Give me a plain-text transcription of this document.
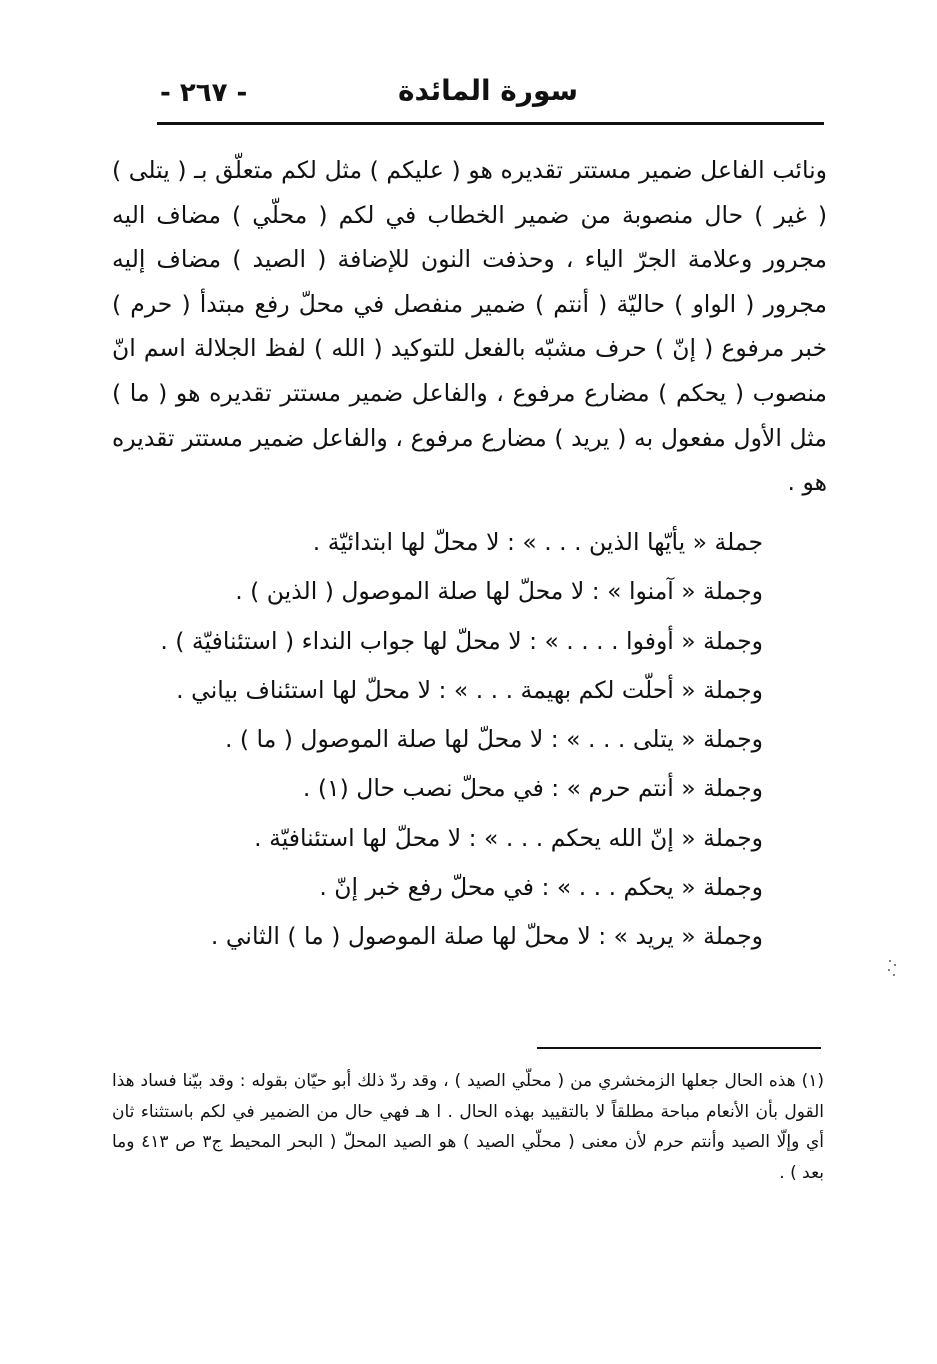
سورة المائدة
- ٢٦٧ -

ونائب الفاعل ضمير مستتر تقديره هو ( عليكم ) مثل لكم متعلّق بـ ( يتلى ) ( غير ) حال منصوبة من ضمير الخطاب في لكم ( محلّي ) مضاف اليه مجرور وعلامة الجرّ الياء ، وحذفت النون للإضافة ( الصيد ) مضاف إليه مجرور ( الواو ) حاليّة ( أنتم ) ضمير منفصل في محلّ رفع مبتدأ ( حرم ) خبر مرفوع ( إنّ ) حرف مشبّه بالفعل للتوكيد ( الله ) لفظ الجلالة اسم انّ منصوب ( يحكم ) مضارع مرفوع ، والفاعل ضمير مستتر تقديره هو ( ما ) مثل الأول مفعول به ( يريد ) مضارع مرفوع ، والفاعل ضمير مستتر تقديره هو .

جملة « يأيّها الذين . . . » : لا محلّ لها ابتدائيّة .
وجملة « آمنوا » : لا محلّ لها صلة الموصول ( الذين ) .
وجملة « أوفوا . . . . » : لا محلّ لها جواب النداء ( استئنافيّة ) .
وجملة « أحلّت لكم بهيمة . . . » : لا محلّ لها استئناف بياني .
وجملة « يتلى . . . » : لا محلّ لها صلة الموصول ( ما ) .
وجملة « أنتم حرم » : في محلّ نصب حال (١) .
وجملة « إنّ الله يحكم . . . » : لا محلّ لها استئنافيّة .
وجملة « يحكم . . . » : في محلّ رفع خبر إنّ .
وجملة « يريد » : لا محلّ لها صلة الموصول ( ما ) الثاني .

(١) هذه الحال جعلها الزمخشري من ( محلّي الصيد ) ، وقد ردّ ذلك أبو حيّان بقوله : وقد بيّنا فساد هذا القول بأن الأنعام مباحة مطلقاً لا بالتقييد بهذه الحال . ا هـ فهي حال من الضمير في لكم باستثناء ثان أي وإلّا الصيد وأنتم حرم لأن معنى ( محلّي الصيد ) هو الصيد المحلّ ( البحر المحيط ج٣ ص ٤١٣ وما بعد ) .
